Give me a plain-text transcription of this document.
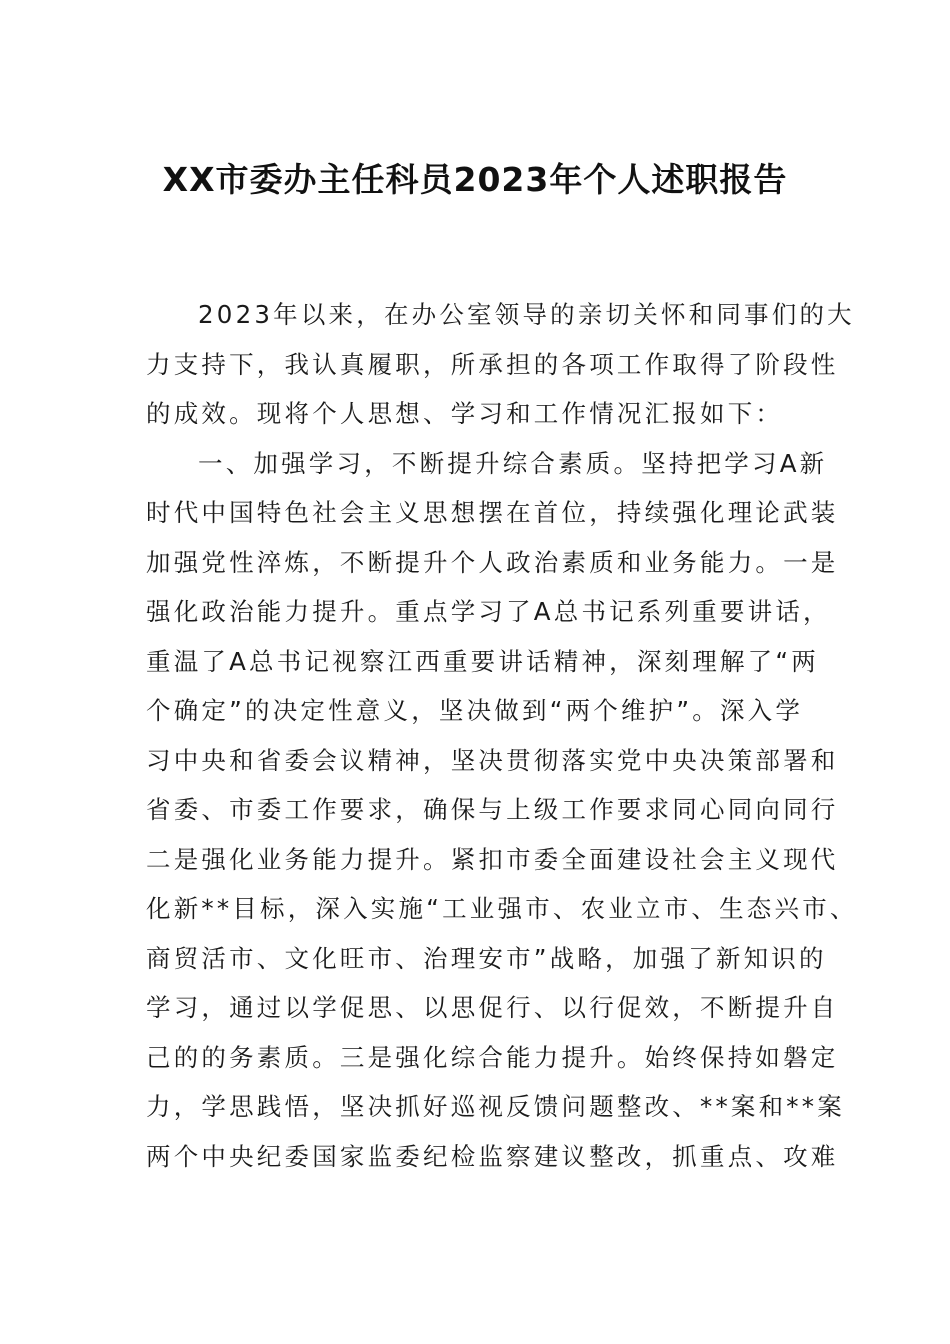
XX市委办主任科员2023年个人述职报告
2023年以来，在办公室领导的亲切关怀和同事们的大
力支持下，我认真履职，所承担的各项工作取得了阶段性
的成效。现将个人思想、学习和工作情况汇报如下：
一、加强学习，不断提升综合素质。坚持把学习A新
时代中国特色社会主义思想摆在首位，持续强化理论武装
加强党性淬炼，不断提升个人政治素质和业务能力。一是
强化政治能力提升。重点学习了A总书记系列重要讲话，
重温了A总书记视察江西重要讲话精神，深刻理解了“两
个确定”的决定性意义，坚决做到“两个维护”。深入学
习中央和省委会议精神，坚决贯彻落实党中央决策部署和
省委、市委工作要求，确保与上级工作要求同心同向同行
二是强化业务能力提升。紧扣市委全面建设社会主义现代
化新**目标，深入实施“工业强市、农业立市、生态兴市、
商贸活市、文化旺市、治理安市”战略，加强了新知识的
学习，通过以学促思、以思促行、以行促效，不断提升自
己的的务素质。三是强化综合能力提升。始终保持如磐定
力，学思践悟，坚决抓好巡视反馈问题整改、**案和**案
两个中央纪委国家监委纪检监察建议整改，抓重点、攻难
